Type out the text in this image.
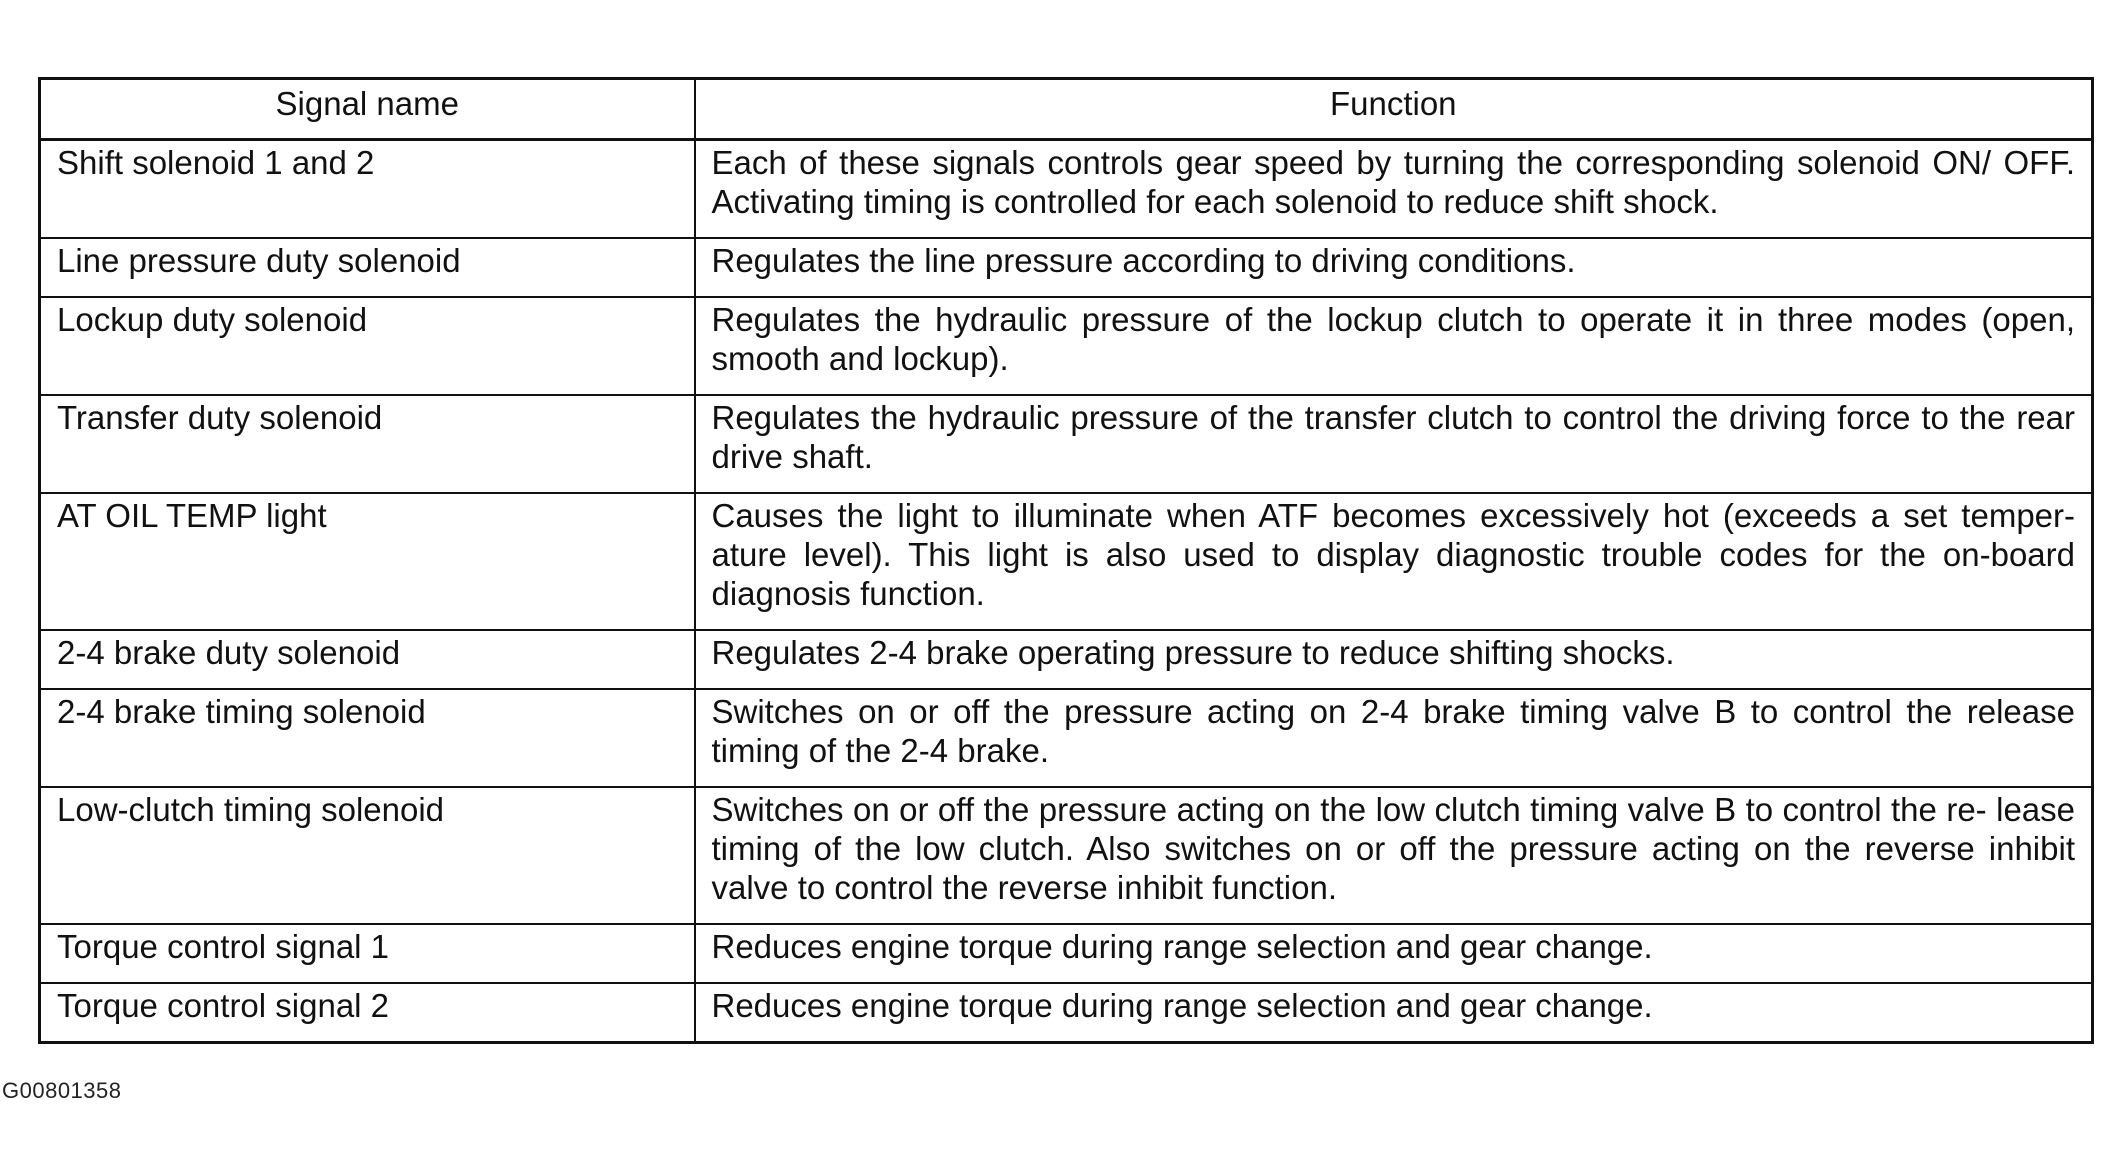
Signal name	Function
Shift solenoid 1 and 2	Each of these signals controls gear speed by turning the corresponding solenoid ON/ OFF. Activating timing is controlled for each solenoid to reduce shift shock.
Line pressure duty solenoid	Regulates the line pressure according to driving conditions.
Lockup duty solenoid	Regulates the hydraulic pressure of the lockup clutch to operate it in three modes (open, smooth and lockup).
Transfer duty solenoid	Regulates the hydraulic pressure of the transfer clutch to control the driving force to the rear drive shaft.
AT OIL TEMP light	Causes the light to illuminate when ATF becomes excessively hot (exceeds a set temper- ature level). This light is also used to display diagnostic trouble codes for the on-board diagnosis function.
2-4 brake duty solenoid	Regulates 2-4 brake operating pressure to reduce shifting shocks.
2-4 brake timing solenoid	Switches on or off the pressure acting on 2-4 brake timing valve B to control the release timing of the 2-4 brake.
Low-clutch timing solenoid	Switches on or off the pressure acting on the low clutch timing valve B to control the re- lease timing of the low clutch. Also switches on or off the pressure acting on the reverse inhibit valve to control the reverse inhibit function.
Torque control signal 1	Reduces engine torque during range selection and gear change.
Torque control signal 2	Reduces engine torque during range selection and gear change.
G00801358
